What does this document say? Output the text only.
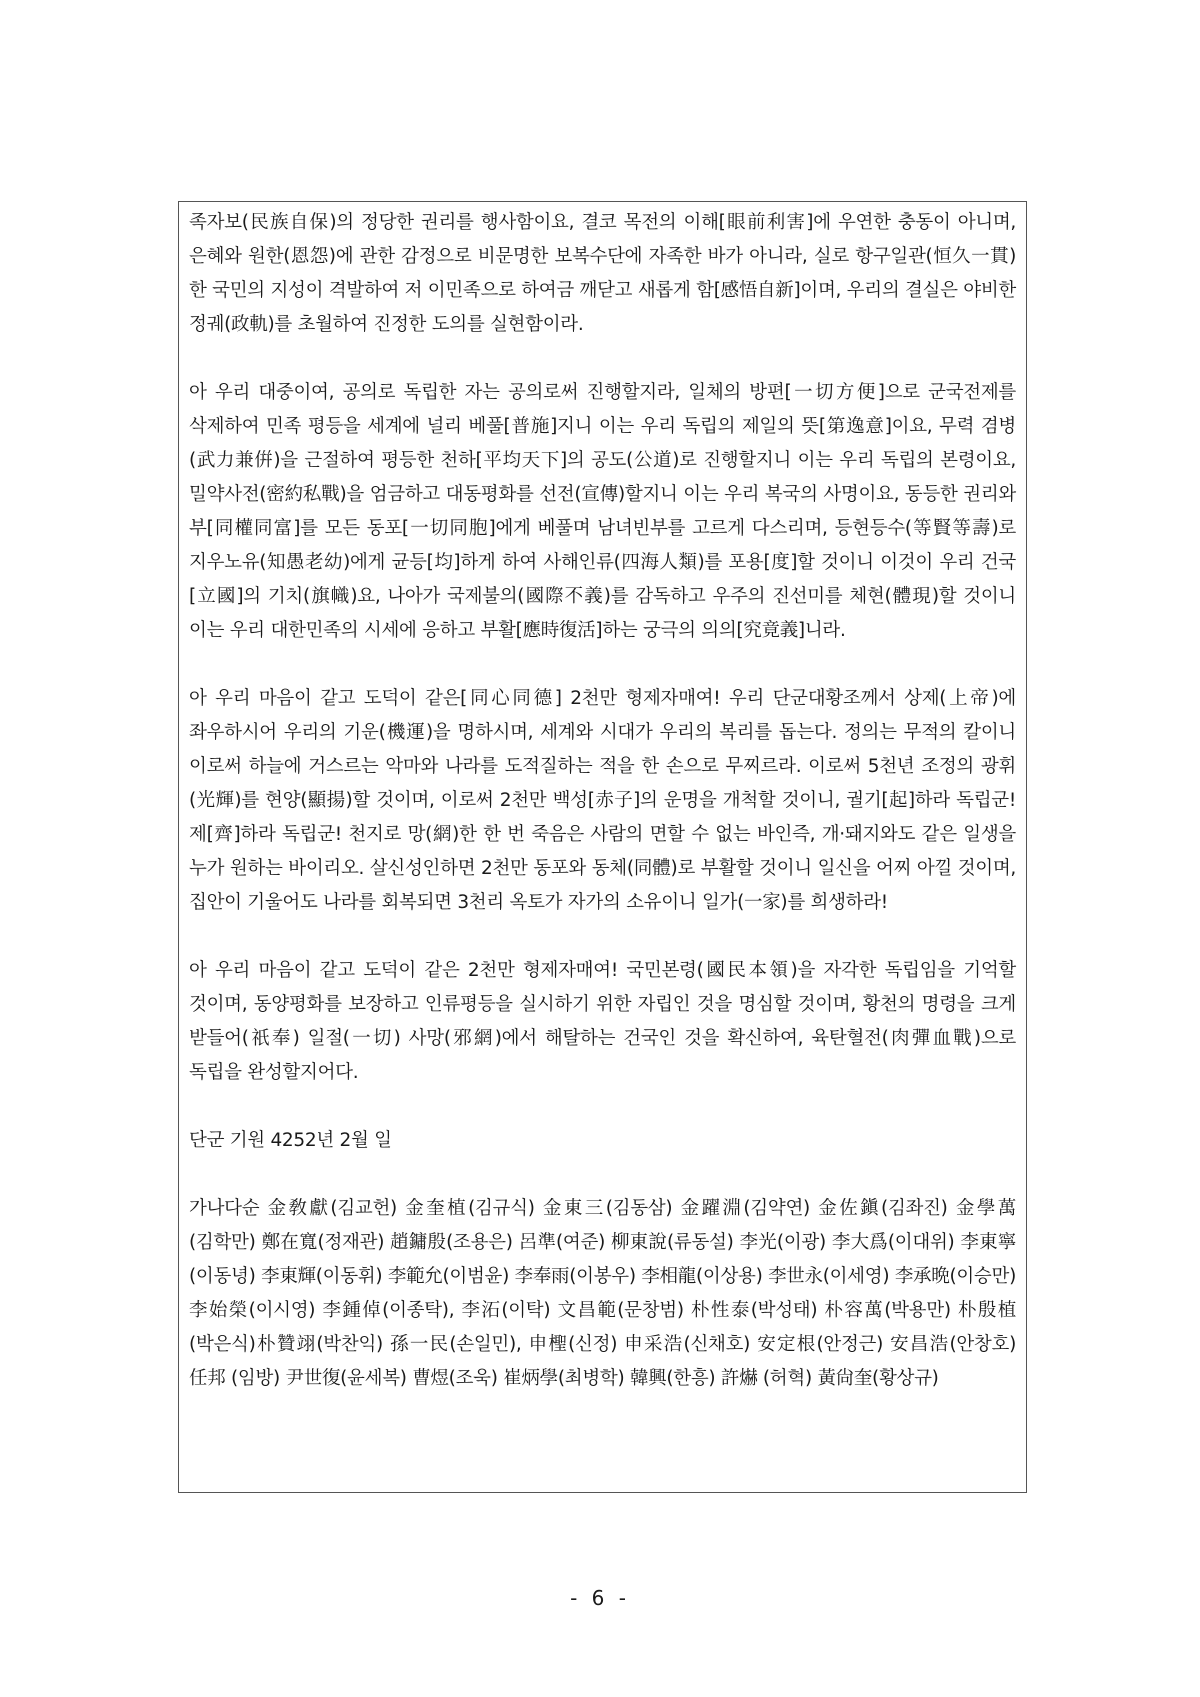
족자보(民族自保)의 정당한 권리를 행사함이요, 결코 목전의 이해[眼前利害]에 우연한 충동이 아니며, 은혜와 원한(恩怨)에 관한 감정으로 비문명한 보복수단에 자족한 바가 아니라, 실로 항구일관(恒久一貫)한 국민의 지성이 격발하여 저 이민족으로 하여금 깨닫고 새롭게 함[感悟自新]이며, 우리의 결실은 야비한 정궤(政軌)를 초월하여 진정한 도의를 실현함이라.

아 우리 대중이여, 공의로 독립한 자는 공의로써 진행할지라, 일체의 방편[一切方便]으로 군국전제를 삭제하여 민족 평등을 세계에 널리 베풀[普施]지니 이는 우리 독립의 제일의 뜻[第逸意]이요, 무력 겸병(武力兼倂)을 근절하여 평등한 천하[平均天下]의 공도(公道)로 진행할지니 이는 우리 독립의 본령이요, 밀약사전(密約私戰)을 엄금하고 대동평화를 선전(宣傳)할지니 이는 우리 복국의 사명이요, 동등한 권리와 부[同權同富]를 모든 동포[一切同胞]에게 베풀며 남녀빈부를 고르게 다스리며, 등현등수(等賢等壽)로 지우노유(知愚老幼)에게 균등[均]하게 하여 사해인류(四海人類)를 포용[度]할 것이니 이것이 우리 건국[立國]의 기치(旗幟)요, 나아가 국제불의(國際不義)를 감독하고 우주의 진선미를 체현(體現)할 것이니 이는 우리 대한민족의 시세에 응하고 부활[應時復活]하는 궁극의 의의[究竟義]니라.

아 우리 마음이 같고 도덕이 같은[同心同德] 2천만 형제자매여! 우리 단군대황조께서 상제(上帝)에 좌우하시어 우리의 기운(機運)을 명하시며, 세계와 시대가 우리의 복리를 돕는다. 정의는 무적의 칼이니 이로써 하늘에 거스르는 악마와 나라를 도적질하는 적을 한 손으로 무찌르라. 이로써 5천년 조정의 광휘(光輝)를 현양(顯揚)할 것이며, 이로써 2천만 백성[赤子]의 운명을 개척할 것이니, 궐기[起]하라 독립군! 제[齊]하라 독립군! 천지로 망(網)한 한 번 죽음은 사람의 면할 수 없는 바인즉, 개·돼지와도 같은 일생을 누가 원하는 바이리오. 살신성인하면 2천만 동포와 동체(同體)로 부활할 것이니 일신을 어찌 아낄 것이며, 집안이 기울어도 나라를 회복되면 3천리 옥토가 자가의 소유이니 일가(一家)를 희생하라!

아 우리 마음이 같고 도덕이 같은 2천만 형제자매여! 국민본령(國民本領)을 자각한 독립임을 기억할 것이며, 동양평화를 보장하고 인류평등을 실시하기 위한 자립인 것을 명심할 것이며, 황천의 명령을 크게 받들어(祇奉) 일절(一切) 사망(邪網)에서 해탈하는 건국인 것을 확신하여, 육탄혈전(肉彈血戰)으로 독립을 완성할지어다.

단군 기원 4252년 2월 일

가나다순 金敎獻(김교헌) 金奎植(김규식) 金東三(김동삼) 金躍淵(김약연) 金佐鎭(김좌진) 金學萬(김학만) 鄭在寬(정재관) 趙鏞殷(조용은) 呂準(여준) 柳東說(류동설) 李光(이광) 李大爲(이대위) 李東寧(이동녕) 李東輝(이동휘) 李範允(이범윤) 李奉雨(이봉우) 李相龍(이상용) 李世永(이세영) 李承晩(이승만) 李始榮(이시영) 李鍾倬(이종탁), 李沰(이탁) 文昌範(문창범) 朴性泰(박성태) 朴容萬(박용만) 朴殷植(박은식)朴贊翊(박찬익) 孫一民(손일민), 申檉(신정) 申采浩(신채호) 安定根(안정근) 安昌浩(안창호) 任邦 (임방) 尹世復(윤세복) 曹煜(조욱) 崔炳學(최병학) 韓興(한흥) 許爀 (허혁) 黃尙奎(황상규)

- 6 -
